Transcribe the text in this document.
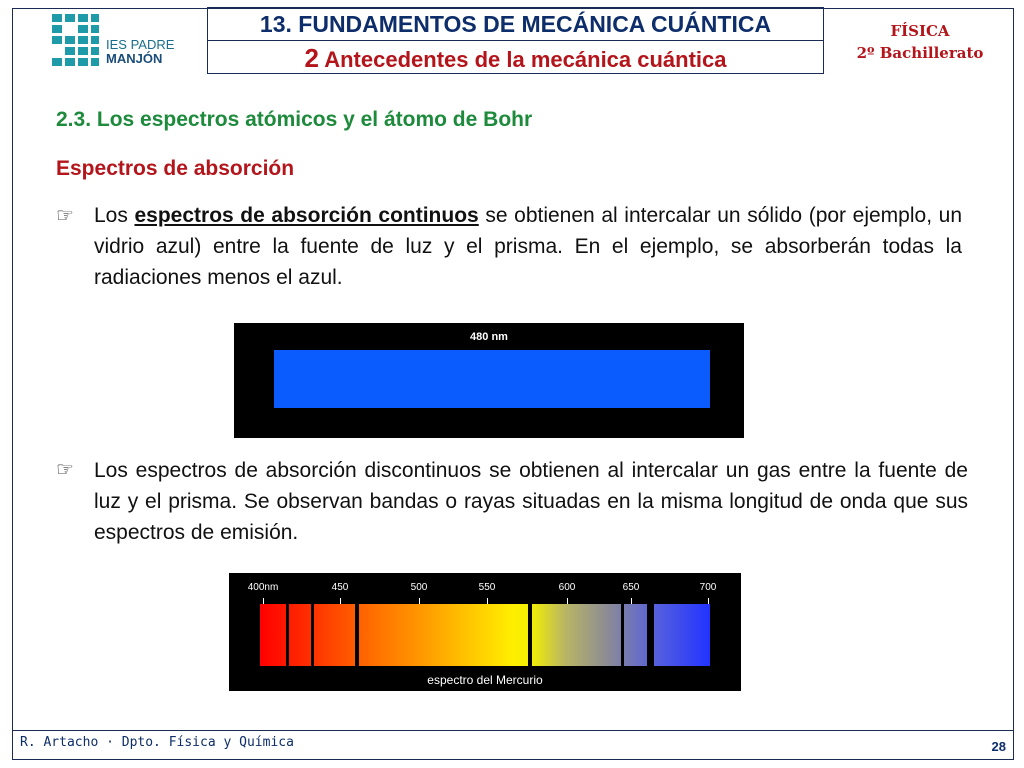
IES PADRE
MANJÓN
13. FUNDAMENTOS DE MECÁNICA CUÁNTICA
2 Antecedentes de la mecánica cuántica
FÍSICA
2º Bachillerato
2.3. Los espectros atómicos y el átomo de Bohr
Espectros de absorción
☞ Los espectros de absorción continuos se obtienen al intercalar un sólido (por ejemplo, un vidrio azul) entre la fuente de luz y el prisma. En el ejemplo, se absorberán todas la radiaciones menos el azul.
480 nm
☞ Los espectros de absorción discontinuos se obtienen al intercalar un gas entre la fuente de luz y el prisma. Se observan bandas o rayas situadas en la misma longitud de onda que sus espectros de emisión.
400nm	450	500	550	600	650	700
espectro del Mercurio
R. Artacho · Dpto. Física y Química	28
